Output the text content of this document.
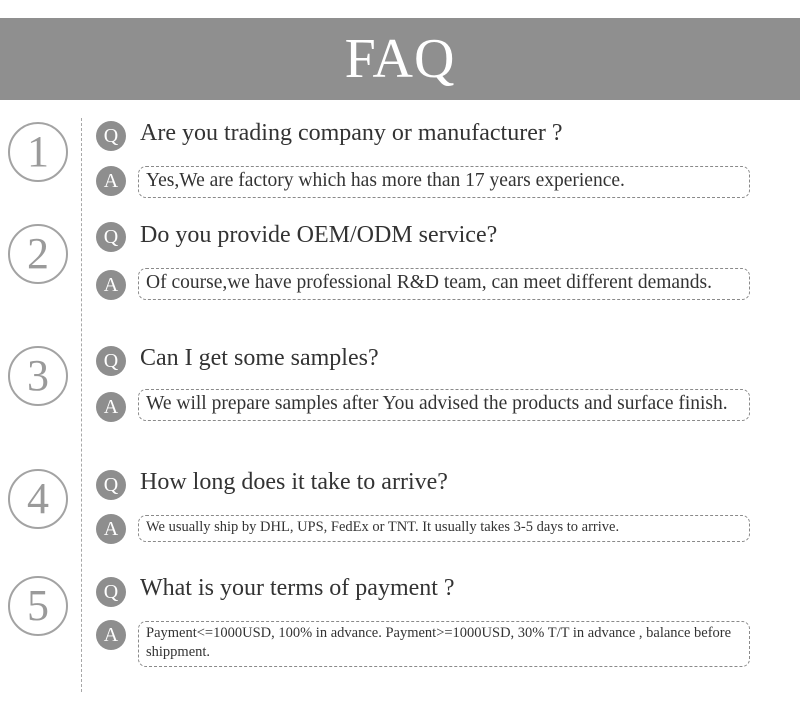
FAQ
1	Q Are you trading company or manufacturer ?
A	Yes,We are factory which has more than 17 years experience.
2	Q Do you provide OEM/ODM service?
A	Of course,we have professional R&D team, can meet different demands.
3	Q Can I get some samples?
A	We will prepare samples after You advised the products and surface finish.
4	Q How long does it take to arrive?
A	We usually ship by DHL, UPS, FedEx or TNT. It usually takes 3-5 days to arrive.
5	Q What is your terms of payment ?
A	Payment<=1000USD, 100% in advance. Payment>=1000USD, 30% T/T in advance , balance before shippment.
